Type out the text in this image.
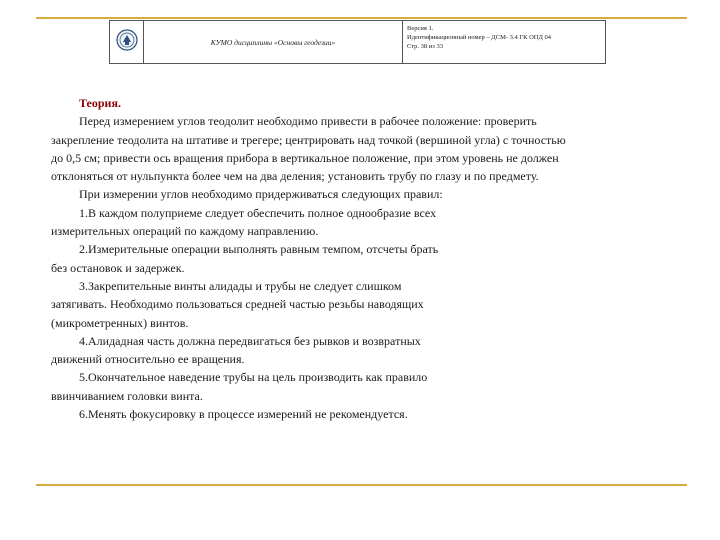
	КУМО дисциплины «Основы геодезии»	
Версия 1.
Идентификационный номер – ДСМ- 3.4 ГК ОПД 04
Стр. 38 из 33

Теория.

Перед измерением углов теодолит необходимо привести в рабочее положение: проверить

закрепление теодолита на штативе и трегере; центрировать над точкой (вершиной угла) с точностью

до 0,5 см; привести ось вращения прибора в вертикальное положение, при этом уровень не должен

отклоняться от нульпункта более чем на два деления; установить трубу по глазу и по предмету.

При измерении углов необходимо придерживаться следующих правил:

1.В каждом полуприеме следует обеспечить полное однообразие всех

измерительных операций по каждому направлению.

2.Измерительные операции выполнять равным темпом, отсчеты брать

без остановок и задержек.

3.Закрепительные винты алидады и трубы не следует слишком

затягивать. Необходимо пользоваться средней частью резьбы наводящих

(микрометренных) винтов.

4.Алидадная часть должна передвигаться без рывков и возвратных

движений относительно ее вращения.

5.Окончательное наведение трубы на цель производить как правило

ввинчиванием головки винта.

6.Менять фокусировку в процессе измерений не рекомендуется.
